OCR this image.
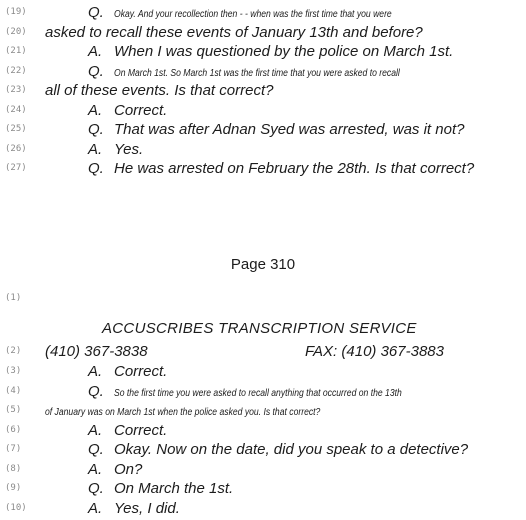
(19)	Q. Okay. And your recollection then - - when was the first time that you were
(20) asked to recall these events of January 13th and before?
(21)	A. When I was questioned by the police on March 1st.
(22)	Q. On March 1st. So March 1st was the first time that you were asked to recall
(23) all of these events. Is that correct?
(24)	A. Correct.
(25)	Q. That was after Adnan Syed was arrested, was it not?
(26)	A. Yes.
(27)	Q. He was arrested on February the 28th. Is that correct?
Page 310
(1)
ACCUSCRIBES TRANSCRIPTION SERVICE
(2) (410) 367-3838	FAX: (410) 367-3883
(3)	A. Correct.
(4)	Q. So the first time you were asked to recall anything that occurred on the 13th
(5) of January was on March 1st when the police asked you. Is that correct?
(6)	A. Correct.
(7)	Q. Okay. Now on the date, did you speak to a detective?
(8)	A. On?
(9)	Q. On March the 1st.
(10)	A. Yes, I did.
